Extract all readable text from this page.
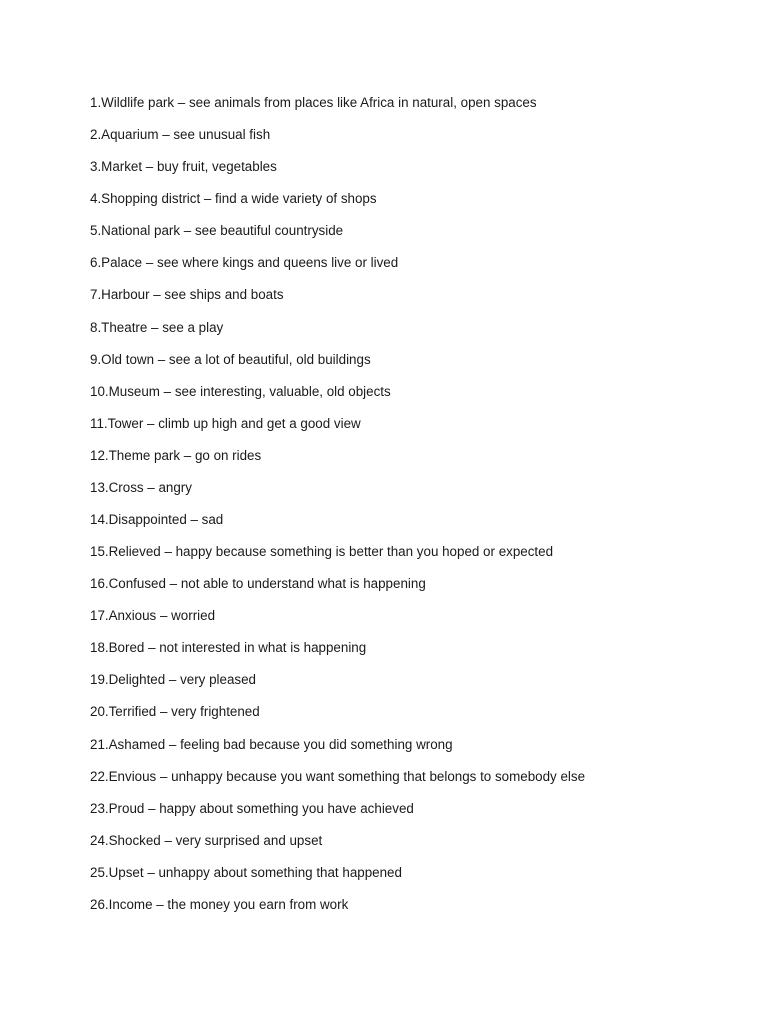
1.Wildlife park – see animals from places like Africa in natural, open spaces
2.Aquarium – see unusual fish
3.Market – buy fruit, vegetables
4.Shopping district – find a wide variety of shops
5.National park – see beautiful countryside
6.Palace – see where kings and queens live or lived
7.Harbour – see ships and boats
8.Theatre – see a play
9.Old town – see a lot of beautiful, old buildings
10.Museum – see interesting, valuable, old objects
11.Tower – climb up high and get a good view
12.Theme park – go on rides
13.Cross – angry
14.Disappointed – sad
15.Relieved – happy because something is better than you hoped or expected
16.Confused – not able to understand what is happening
17.Anxious – worried
18.Bored – not interested in what is happening
19.Delighted – very pleased
20.Terrified – very frightened
21.Ashamed – feeling bad because you did something wrong
22.Envious – unhappy because you want something that belongs to somebody else
23.Proud – happy about something you have achieved
24.Shocked – very surprised and upset
25.Upset – unhappy about something that happened
26.Income – the money you earn from work
